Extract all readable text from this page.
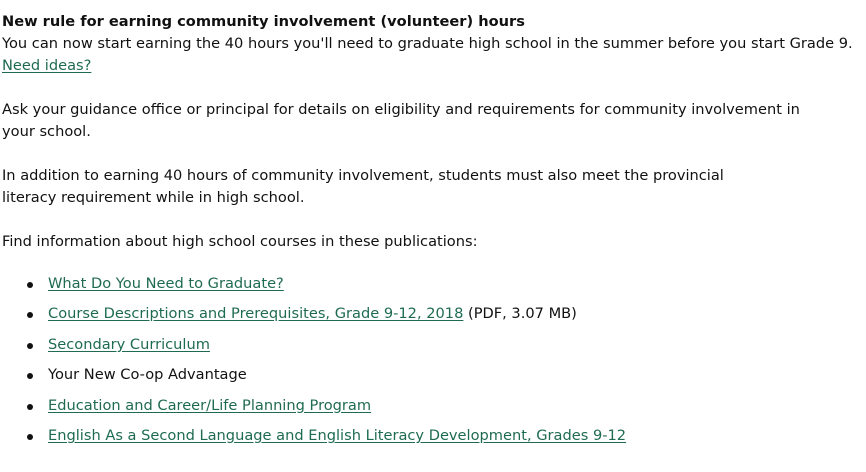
New rule for earning community involvement (volunteer) hours

You can now start earning the 40 hours you'll need to graduate high school in the summer before you start Grade 9.

Need ideas?

Ask your guidance office or principal for details on eligibility and requirements for community involvement in

your school.

In addition to earning 40 hours of community involvement, students must also meet the provincial

literacy requirement while in high school.

Find information about high school courses in these publications:

What Do You Need to Graduate?
Course Descriptions and Prerequisites, Grade 9-12, 2018 (PDF, 3.07 MB)
Secondary Curriculum
Your New Co-op Advantage
Education and Career/Life Planning Program
English As a Second Language and English Literacy Development, Grades 9-12
